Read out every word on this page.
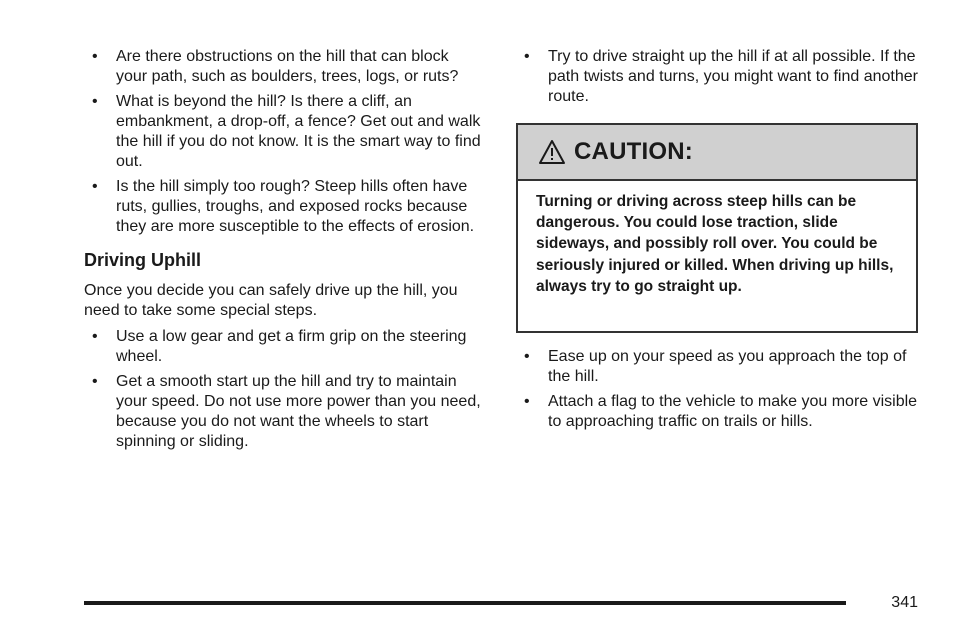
• Are there obstructions on the hill that can block your path, such as boulders, trees, logs, or ruts?
• What is beyond the hill? Is there a cliff, an embankment, a drop-off, a fence? Get out and walk the hill if you do not know. It is the smart way to find out.
• Is the hill simply too rough? Steep hills often have ruts, gullies, troughs, and exposed rocks because they are more susceptible to the effects of erosion.
Driving Uphill

Once you decide you can safely drive up the hill, you need to take some special steps.

• Use a low gear and get a firm grip on the steering wheel.
• Get a smooth start up the hill and try to maintain your speed. Do not use more power than you need, because you do not want the wheels to start spinning or sliding.
• Try to drive straight up the hill if at all possible. If the path twists and turns, you might want to find another route.
CAUTION:
Turning or driving across steep hills can be dangerous. You could lose traction, slide sideways, and possibly roll over. You could be seriously injured or killed. When driving up hills, always try to go straight up.
• Ease up on your speed as you approach the top of the hill.
• Attach a flag to the vehicle to make you more visible to approaching traffic on trails or hills.
341
